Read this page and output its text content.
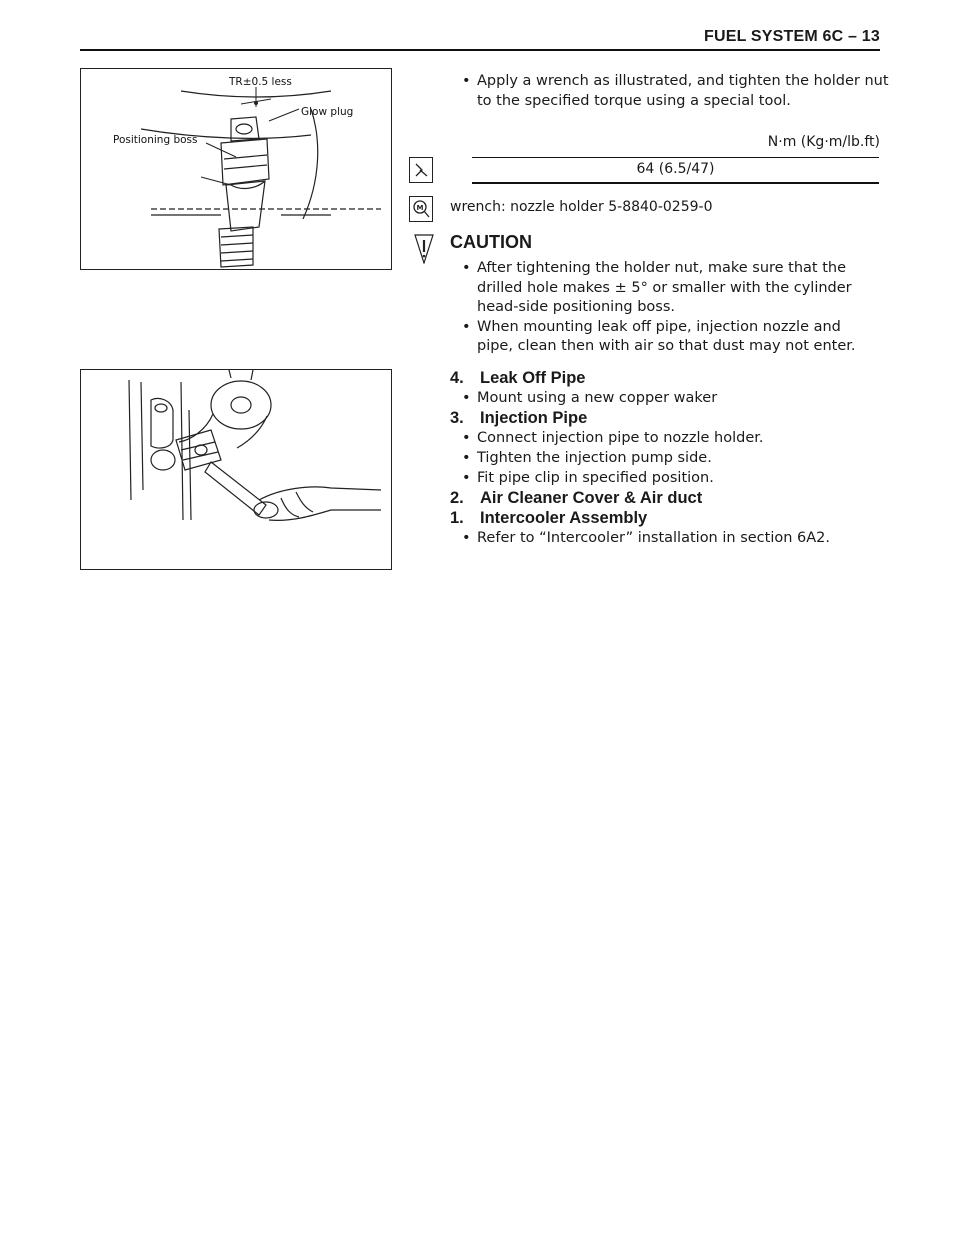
FUEL SYSTEM 6C – 13
TR±0.5 less
Glow plug
Positioning boss

• Apply a wrench as illustrated, and tighten the holder nut to the specified torque using a special tool.

N·m (Kg·m/lb.ft)
64 (6.5/47)
M wrench: nozzle holder 5-8840-0259-0
CAUTION

• After tightening the holder nut, make sure that the drilled hole makes ± 5° or smaller with the cylinder head-side positioning boss.

• When mounting leak off pipe, injection nozzle and pipe, clean then with air so that dust may not enter.

4. Leak Off Pipe

• Mount using a new copper waker

3. Injection Pipe

• Connect injection pipe to nozzle holder.

• Tighten the injection pump side.

• Fit pipe clip in specified position.

2. Air Cleaner Cover & Air duct

1. Intercooler Assembly

• Refer to “Intercooler” installation in section 6A2.
